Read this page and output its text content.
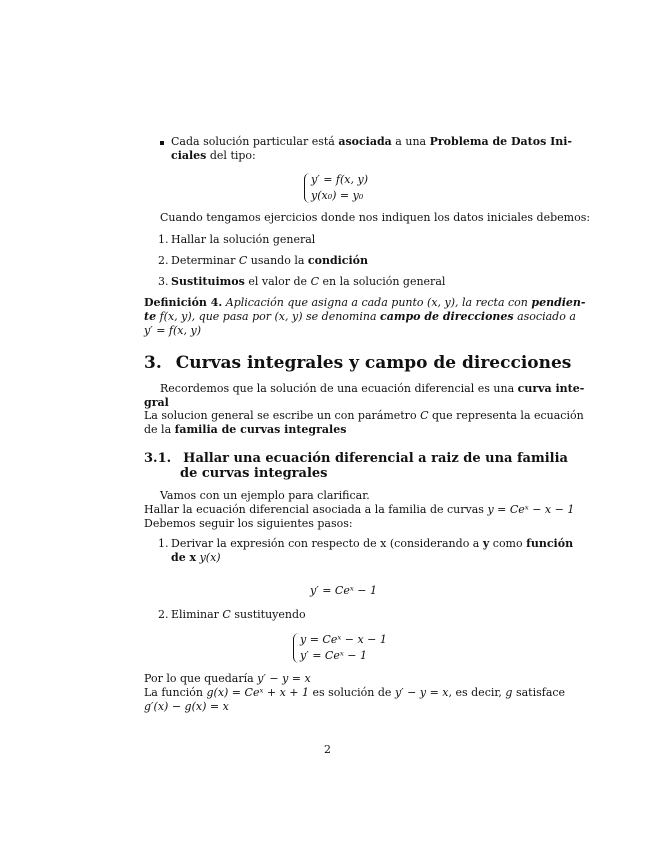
Cada solución particular está asociada a una Problema de Datos Ini-
ciales del tipo:
y′ = f(x, y)
y(x₀) = y₀
Cuando tengamos ejercicios donde nos indiquen los datos iniciales debemos:
1. Hallar la solución general
2. Determinar C usando la condición
3. Sustituimos el valor de C en la solución general
Definición 4. Aplicación que asigna a cada punto (x, y), la recta con pendien-
te f(x, y), que pasa por (x, y) se denomina campo de direcciones asociado a
y′ = f(x, y)
3. Curvas integrales y campo de direcciones
Recordemos que la solución de una ecuación diferencial es una curva inte-
gral
La solucion general se escribe un con parámetro C que representa la ecuación
de la familia de curvas integrales
3.1. Hallar una ecuación diferencial a raiz de una familia
de curvas integrales
Vamos con un ejemplo para clarificar.
Hallar la ecuación diferencial asociada a la familia de curvas y = Ceˣ − x − 1
Debemos seguir los siguientes pasos:
1. Derivar la expresión con respecto de x (considerando a y como función
de x y(x)
y′ = Ceˣ − 1
2. Eliminar C sustituyendo
y = Ceˣ − x − 1
y′ = Ceˣ − 1
Por lo que quedaría y′ − y = x
La función g(x) = Ceˣ + x + 1 es solución de y′ − y = x, es decir, g satisface
g′(x) − g(x) = x
2
